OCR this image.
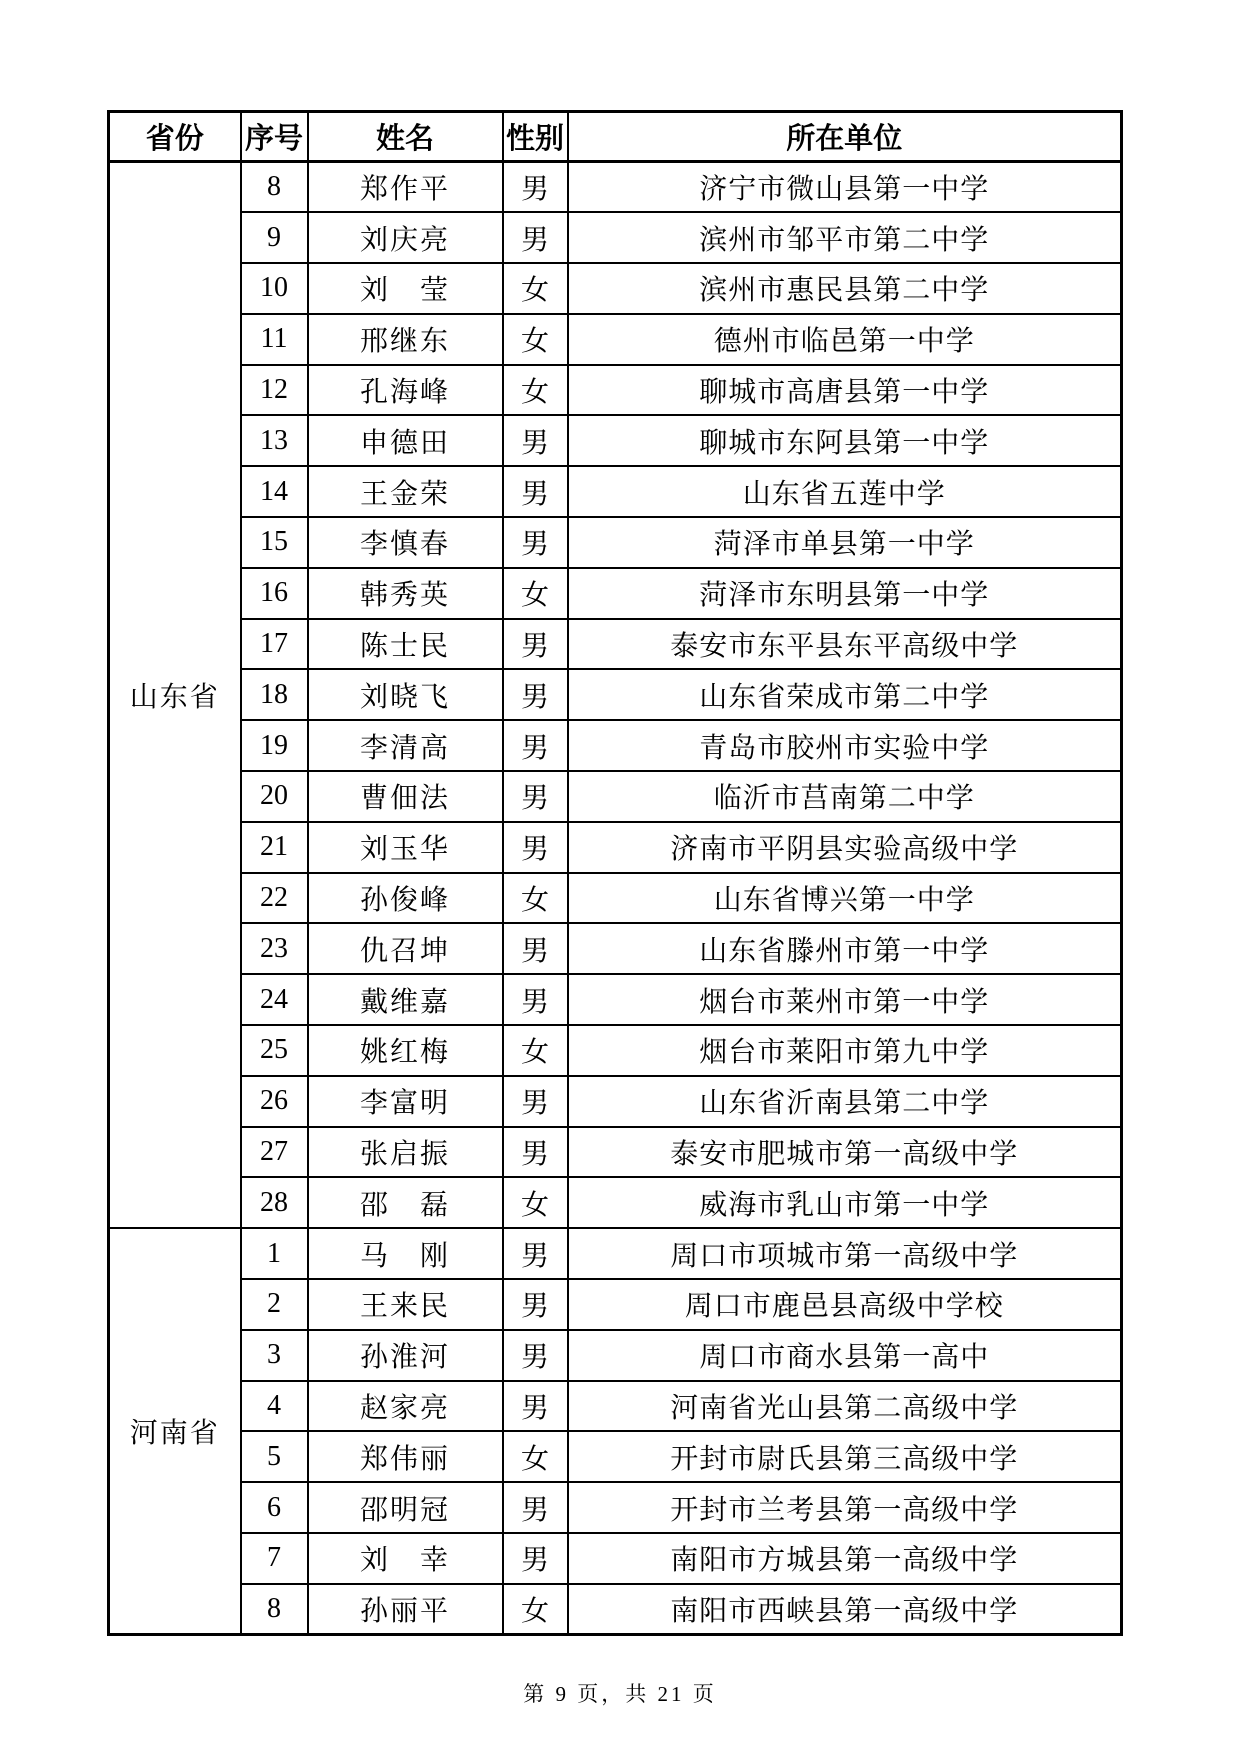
省份	序号	姓名	性别	所在单位
山东省	8	郑作平	男	济宁市微山县第一中学
	9	刘庆亮	男	滨州市邹平市第二中学
	10	刘　莹	女	滨州市惠民县第二中学
	11	邢继东	女	德州市临邑第一中学
	12	孔海峰	女	聊城市高唐县第一中学
	13	申德田	男	聊城市东阿县第一中学
	14	王金荣	男	山东省五莲中学
	15	李慎春	男	菏泽市单县第一中学
	16	韩秀英	女	菏泽市东明县第一中学
	17	陈士民	男	泰安市东平县东平高级中学
	18	刘晓飞	男	山东省荣成市第二中学
	19	李清高	男	青岛市胶州市实验中学
	20	曹佃法	男	临沂市莒南第二中学
	21	刘玉华	男	济南市平阴县实验高级中学
	22	孙俊峰	女	山东省博兴第一中学
	23	仇召坤	男	山东省滕州市第一中学
	24	戴维嘉	男	烟台市莱州市第一中学
	25	姚红梅	女	烟台市莱阳市第九中学
	26	李富明	男	山东省沂南县第二中学
	27	张启振	男	泰安市肥城市第一高级中学
	28	邵　磊	女	威海市乳山市第一中学
河南省	1	马　刚	男	周口市项城市第一高级中学
	2	王来民	男	周口市鹿邑县高级中学校
	3	孙淮河	男	周口市商水县第一高中
	4	赵家亮	男	河南省光山县第二高级中学
	5	郑伟丽	女	开封市尉氏县第三高级中学
	6	邵明冠	男	开封市兰考县第一高级中学
	7	刘　幸	男	南阳市方城县第一高级中学
	8	孙丽平	女	南阳市西峡县第一高级中学
第 9 页，共 21 页
